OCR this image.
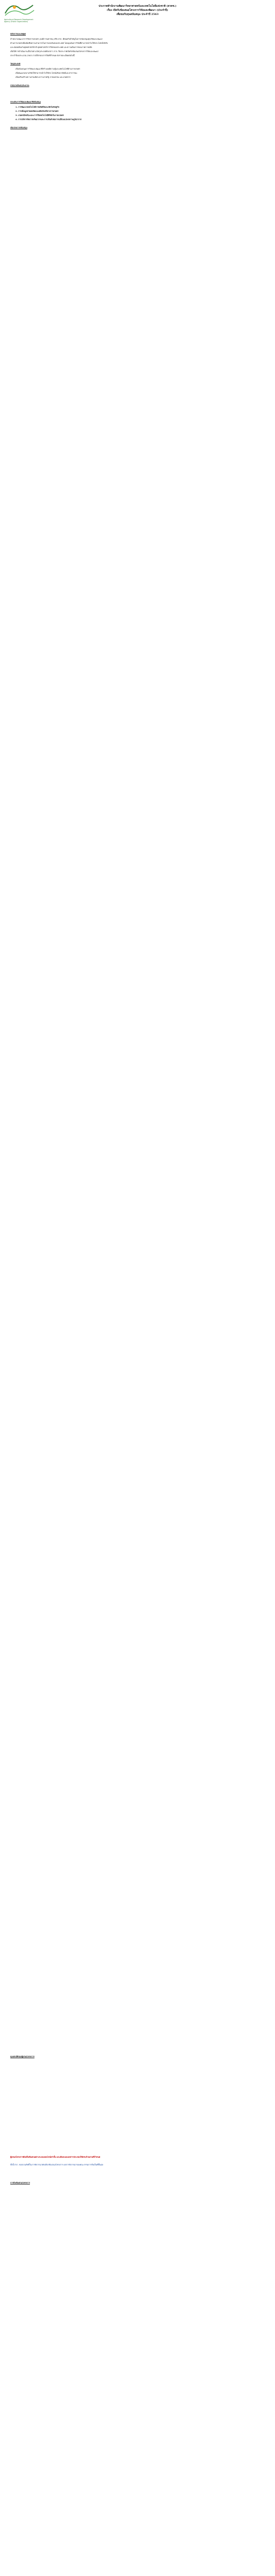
Agricultural Research Development Agency (Public Organization)
ประกาศสำนักงานพัฒนาวิทยาศาสตร์และเทคโนโลยีแห่งชาติ (สวทช.)
เรื่อง เปิดรับข้อเสนอโครงการวิจัยและพัฒนา (ประจำปี)
เพื่อขอรับทุนสนับสนุน ประจำปี 2563
หลักการและเหตุผล
สำนักงานพัฒนาการวิจัยการเกษตร (องค์การมหาชน) หรือ สวก. มีพันธกิจสำคัญในการสนับสนุนทุนวิจัยและพัฒนา
ด้านการเกษตรเพื่อเพิ่มขีดความสามารถในการแข่งขันของประเทศ โดยมุ่งเน้นการวิจัยที่สามารถนำไปใช้ประโยชน์ได้จริง
และสอดคล้องกับยุทธศาสตร์ชาติ ยุทธศาสตร์การวิจัยของประเทศ และความต้องการของภาคการผลิต
เพื่อให้การดำเนินงานเป็นไปตามวัตถุประสงค์ดังกล่าว สวก. จึงประกาศเปิดรับข้อเสนอโครงการวิจัยและพัฒนา
ประจำปีงบประมาณ 2563 ภายใต้กรอบการวิจัยที่กำหนด ดังรายละเอียดต่อไปนี้
วัตถุประสงค์
เพื่อสนับสนุนการวิจัยและพัฒนาที่สร้างองค์ความรู้และเทคโนโลยีด้านการเกษตร
เพื่อพัฒนาผลงานวิจัยให้สามารถนำไปใช้ประโยชน์เชิงพาณิชย์และสาธารณะ
เพื่อเสริมสร้างความร่วมมือระหว่างภาครัฐ ภาคเอกชน และเกษตรกร
กรอบวงเงินงบประมาณ
ประเด็นการวิจัยและพัฒนาที่สนับสนุน
1. การพัฒนาเทคโนโลยีการผลิตพืชและสัตว์เศรษฐกิจ
2. การเพิ่มมูลค่าผลผลิตและผลิตภัณฑ์ทางการเกษตร
3. เกษตรอัจฉริยะและการใช้เทคโนโลยีดิจิทัลในภาคเกษตร
4. การบริหารจัดการทรัพยากรและการปรับตัวต่อการเปลี่ยนแปลงสภาพภูมิอากาศ
เงื่อนไขการสนับสนุน
คุณสมบัติของผู้เสนอโครงการ
ผู้เสนอโครงการต้องยื่นข้อเสนอผ่านระบบออนไลน์เท่านั้น และต้องแนบเอกสารประกอบให้ครบถ้วนตามที่กำหนด
ทั้งนี้ สวก. ขอสงวนสิทธิ์ในการพิจารณาคัดเลือกข้อเสนอโครงการ ผลการพิจารณาของคณะกรรมการถือเป็นที่สิ้นสุด
การยื่นข้อเสนอโครงการ
